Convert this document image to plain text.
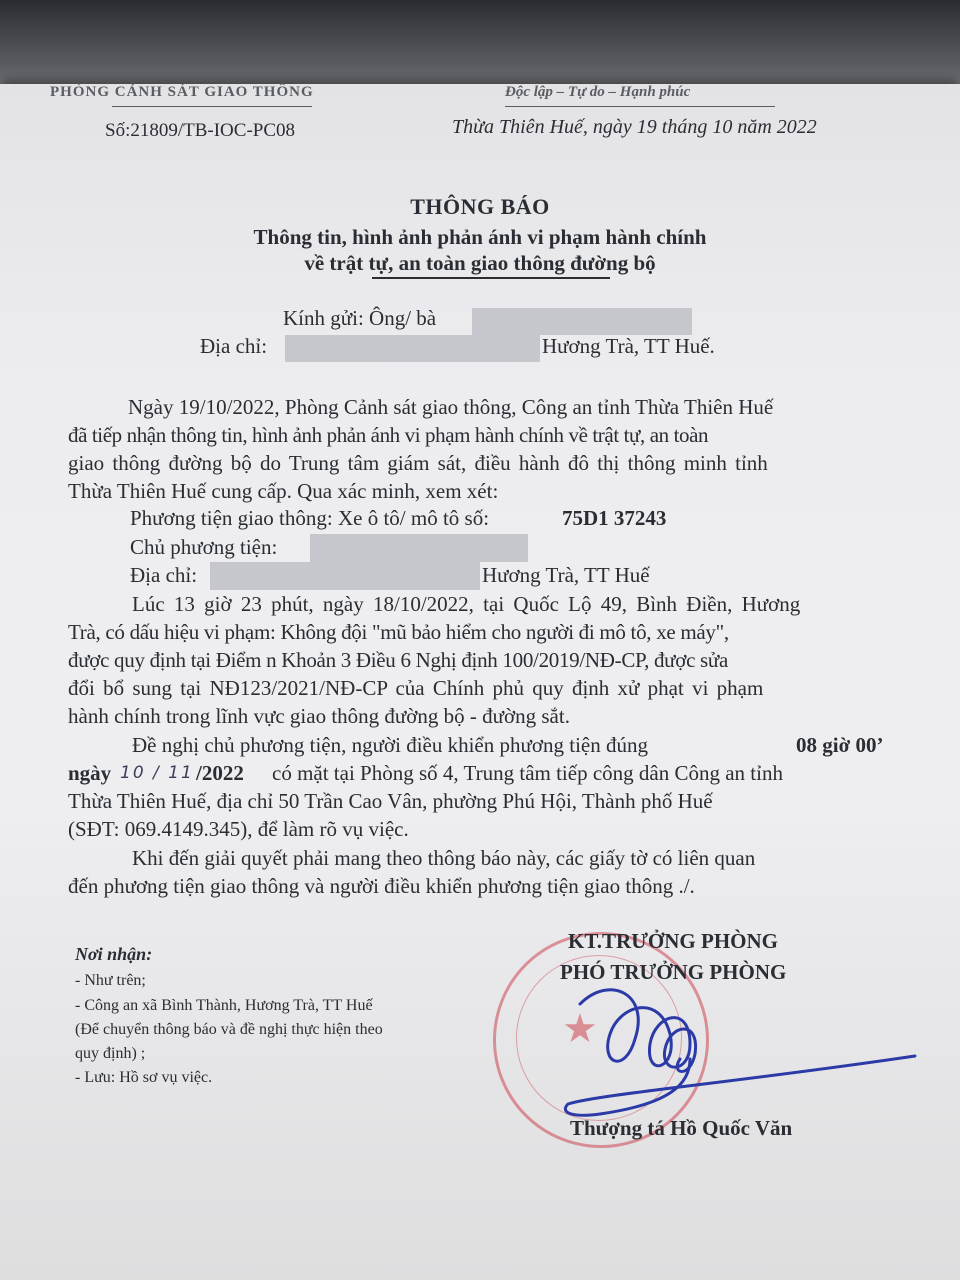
PHÒNG CẢNH SÁT GIAO THÔNG	Độc lập – Tự do – Hạnh phúc
Số:21809/TB-IOC-PC08	Thừa Thiên Huế, ngày 19 tháng 10 năm 2022
THÔNG BÁO
Thông tin, hình ảnh phản ánh vi phạm hành chính
về trật tự, an toàn giao thông đường bộ
Kính gửi: Ông/ bà
Địa chỉ:	Hương Trà, TT Huế.
Ngày 19/10/2022, Phòng Cảnh sát giao thông, Công an tỉnh Thừa Thiên Huế
đã tiếp nhận thông tin, hình ảnh phản ánh vi phạm hành chính về trật tự, an toàn
giao thông đường bộ do Trung tâm giám sát, điều hành đô thị thông minh tỉnh
Thừa Thiên Huế cung cấp. Qua xác minh, xem xét:
Phương tiện giao thông: Xe ô tô/ mô tô số:	75D1 37243
Chủ phương tiện:
Địa chỉ:	Hương Trà, TT Huế
Lúc 13 giờ 23 phút, ngày 18/10/2022, tại Quốc Lộ 49, Bình Điền, Hương
Trà, có dấu hiệu vi phạm: Không đội "mũ bảo hiểm cho người đi mô tô, xe máy",
được quy định tại Điểm n Khoản 3 Điều 6 Nghị định 100/2019/NĐ-CP, được sửa
đổi bổ sung tại NĐ123/2021/NĐ-CP của Chính phủ quy định xử phạt vi phạm
hành chính trong lĩnh vực giao thông đường bộ - đường sắt.
Đề nghị chủ phương tiện, người điều khiển phương tiện đúng	08 giờ 00’
ngày 10 / 11 /2022 có mặt tại Phòng số 4, Trung tâm tiếp công dân Công an tỉnh
Thừa Thiên Huế, địa chỉ 50 Trần Cao Vân, phường Phú Hội, Thành phố Huế
(SĐT: 069.4149.345), để làm rõ vụ việc.
Khi đến giải quyết phải mang theo thông báo này, các giấy tờ có liên quan
đến phương tiện giao thông và người điều khiển phương tiện giao thông ./.
Nơi nhận:
- Như trên;
- Công an xã Bình Thành, Hương Trà, TT Huế
(Để chuyển thông báo và đề nghị thực hiện theo
quy định) ;
- Lưu: Hồ sơ vụ việc.
★
KT.TRƯỞNG PHÒNG
PHÓ TRƯỞNG PHÒNG
Thượng tá Hồ Quốc Văn
